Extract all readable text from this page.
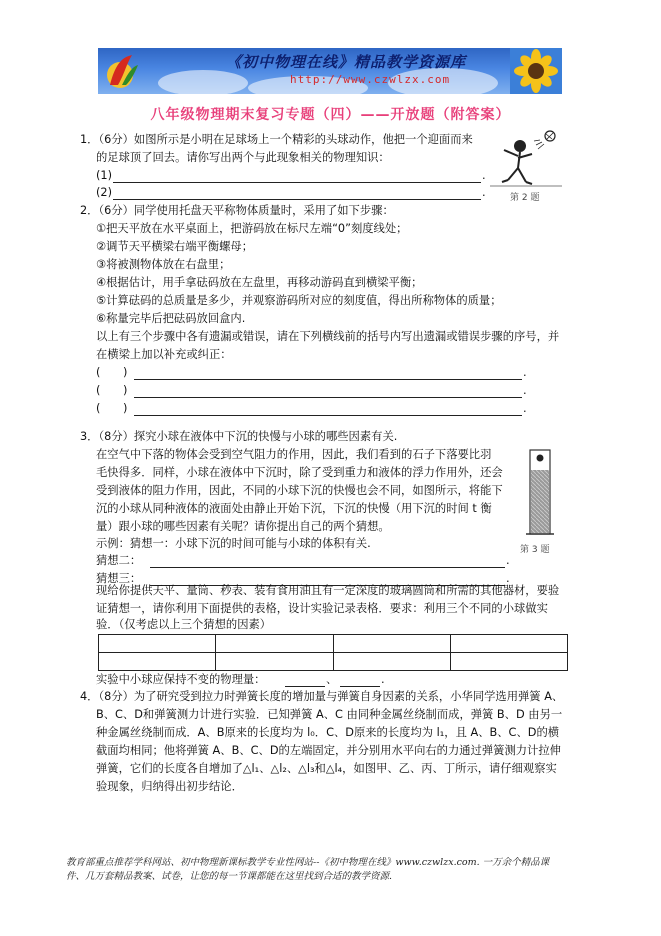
《初中物理在线》精品教学资源库
http://www.czwlzx.com
八年级物理期末复习专题（四）——开放题（附答案）
1．（6分）如图所示是小明在足球场上一个精彩的头球动作，他把一个迎面而来
的足球顶了回去。请你写出两个与此现象相关的物理知识：
(1)	.
(2)	.	第 2 题
2．（6分）同学使用托盘天平称物体质量时，采用了如下步骤：
①把天平放在水平桌面上，把游码放在标尺左端“0”刻度线处；
②调节天平横梁右端平衡螺母；
③将被测物体放在右盘里；
④根据估计，用手拿砝码放在左盘里，再移动游码直到横梁平衡；
⑤计算砝码的总质量是多少，并观察游码所对应的刻度值，得出所称物体的质量；
⑥称量完毕后把砝码放回盒内.
以上有三个步骤中各有遗漏或错误，请在下列横线前的括号内写出遗漏或错误步骤的序号，并
在横梁上加以补充或纠正：
(　　)	.
(　　)	.
(　　)	.
3．（8分）探究小球在液体中下沉的快慢与小球的哪些因素有关.
在空气中下落的物体会受到空气阻力的作用，因此，我们看到的石子下落要比羽
毛快得多．同样，小球在液体中下沉时，除了受到重力和液体的浮力作用外，还会
受到液体的阻力作用，因此，不同的小球下沉的快慢也会不同，如图所示，将能下
沉的小球从同种液体的液面处由静止开始下沉，下沉的快慢（用下沉的时间 t 衡
量）跟小球的哪些因素有关呢？请你提出自己的两个猜想。
示例：猜想一：小球下沉的时间可能与小球的体积有关.
猜想二：	.
猜想三：	.
第 3 题
现给你提供天平、量筒、秒表、装有食用油且有一定深度的玻璃圆筒和所需的其他器材，要验
证猜想一，请你利用下面提供的表格，设计实验记录表格．要求：利用三个不同的小球做实
验．（仅考虑以上三个猜想的因素）

实验中小球应保持不变的物理量：	、	.
4．（8分）为了研究受到拉力时弹簧长度的增加量与弹簧自身因素的关系，小华同学选用弹簧 A、
B、C、D和弹簧测力计进行实验．已知弹簧 A、C 由同种金属丝绕制而成，弹簧 B、D 由另一
种金属丝绕制而成．A、B原来的长度均为 l₀．C、D原来的长度均为 l₁，且 A、B、C、D的横
截面均相同；他将弹簧 A、B、C、D的左端固定，并分别用水平向右的力通过弹簧测力计拉伸
弹簧，它们的长度各自增加了△l₁、△l₂、△l₃和△l₄，如图甲、乙、丙、丁所示，请仔细观察实
验现象，归纳得出初步结论．
教育部重点推荐学科网站、初中物理新课标教学专业性网站--《初中物理在线》www.czwlzx.com. 一万余个精品课
件、几万套精品教案、试卷，让您的每一节课都能在这里找到合适的教学资源.
